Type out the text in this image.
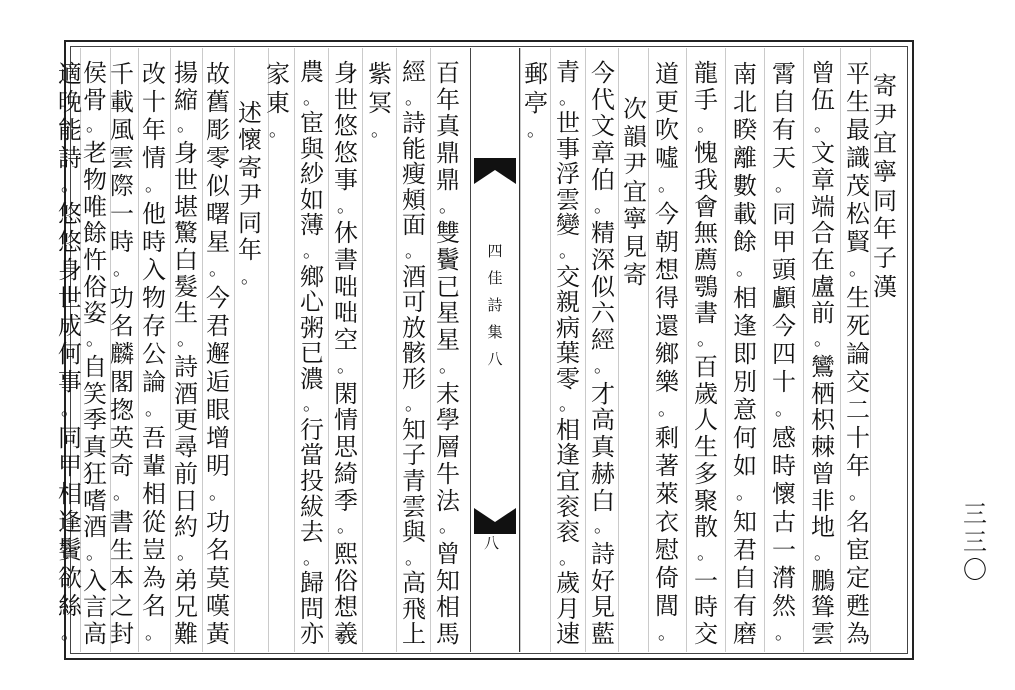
四
佳
詩
集
八
八
寄
尹
宜
寧
同
年
子
漢
平
生
最
識
茂
松
賢
。
生
死
論
交
二
十
年
。
名
宦
定
甦
為
曾
伍
。
文
章
端
合
在
盧
前
。
鸞
栖
枳
棘
曾
非
地
。
鵬
聳
雲
霄
自
有
天
。
同
甲
頭
顱
今
四
十
。
感
時
懷
古
一
潸
然
。
南
北
睽
離
數
載
餘
。
相
逢
即
別
意
何
如
。
知
君
自
有
磨
龍
手
。
愧
我
會
無
薦
鶚
書
。
百
歲
人
生
多
聚
散
。
一
時
交
道
更
吹
噓
。
今
朝
想
得
還
鄉
樂
。
剩
著
萊
衣
慰
倚
閭
。
次
韻
尹
宜
寧
見
寄
今
代
文
章
伯
。
精
深
似
六
經
。
才
高
真
赫
白
。
詩
好
見
藍
青
。
世
事
浮
雲
變
。
交
親
病
葉
零
。
相
逢
宜
衮
衮
。
歲
月
速
郵
亭
。
百
年
真
鼎
鼎
。
雙
鬢
已
星
星
。
末
學
層
牛
法
。
曾
知
相
馬
經
。
詩
能
瘦
頰
面
。
酒
可
放
骸
形
。
知
子
青
雲
與
。
高
飛
上
紫
冥
。
身
世
悠
悠
事
。
休
書
咄
咄
空
。
閑
情
思
綺
季
。
熙
俗
想
羲
農
。
宦
與
紗
如
薄
。
鄉
心
粥
已
濃
。
行
當
投
紱
去
。
歸
問
亦
家
東
。
述
懷
寄
尹
同
年
。
故
舊
彫
零
似
曙
星
。
今
君
邂
逅
眼
增
明
。
功
名
莫
嘆
黃
揚
縮
。
身
世
堪
驚
白
髮
生
。
詩
酒
更
尋
前
日
約
。
弟
兄
難
改
十
年
情
。
他
時
入
物
存
公
論
。
吾
輩
相
從
豈
為
名
。
千
載
風
雲
際
一
時
。
功
名
麟
閣
揔
英
奇
。
書
生
本
之
封
侯
骨
。
老
物
唯
餘
忤
俗
姿
。
自
笑
季
真
狂
嗜
酒
。
入
言
高
適
晚
能
詩
。
悠
悠
身
世
成
何
事
。
同
甲
相
逢
鬢
欲
絲
。
三
三
〇
